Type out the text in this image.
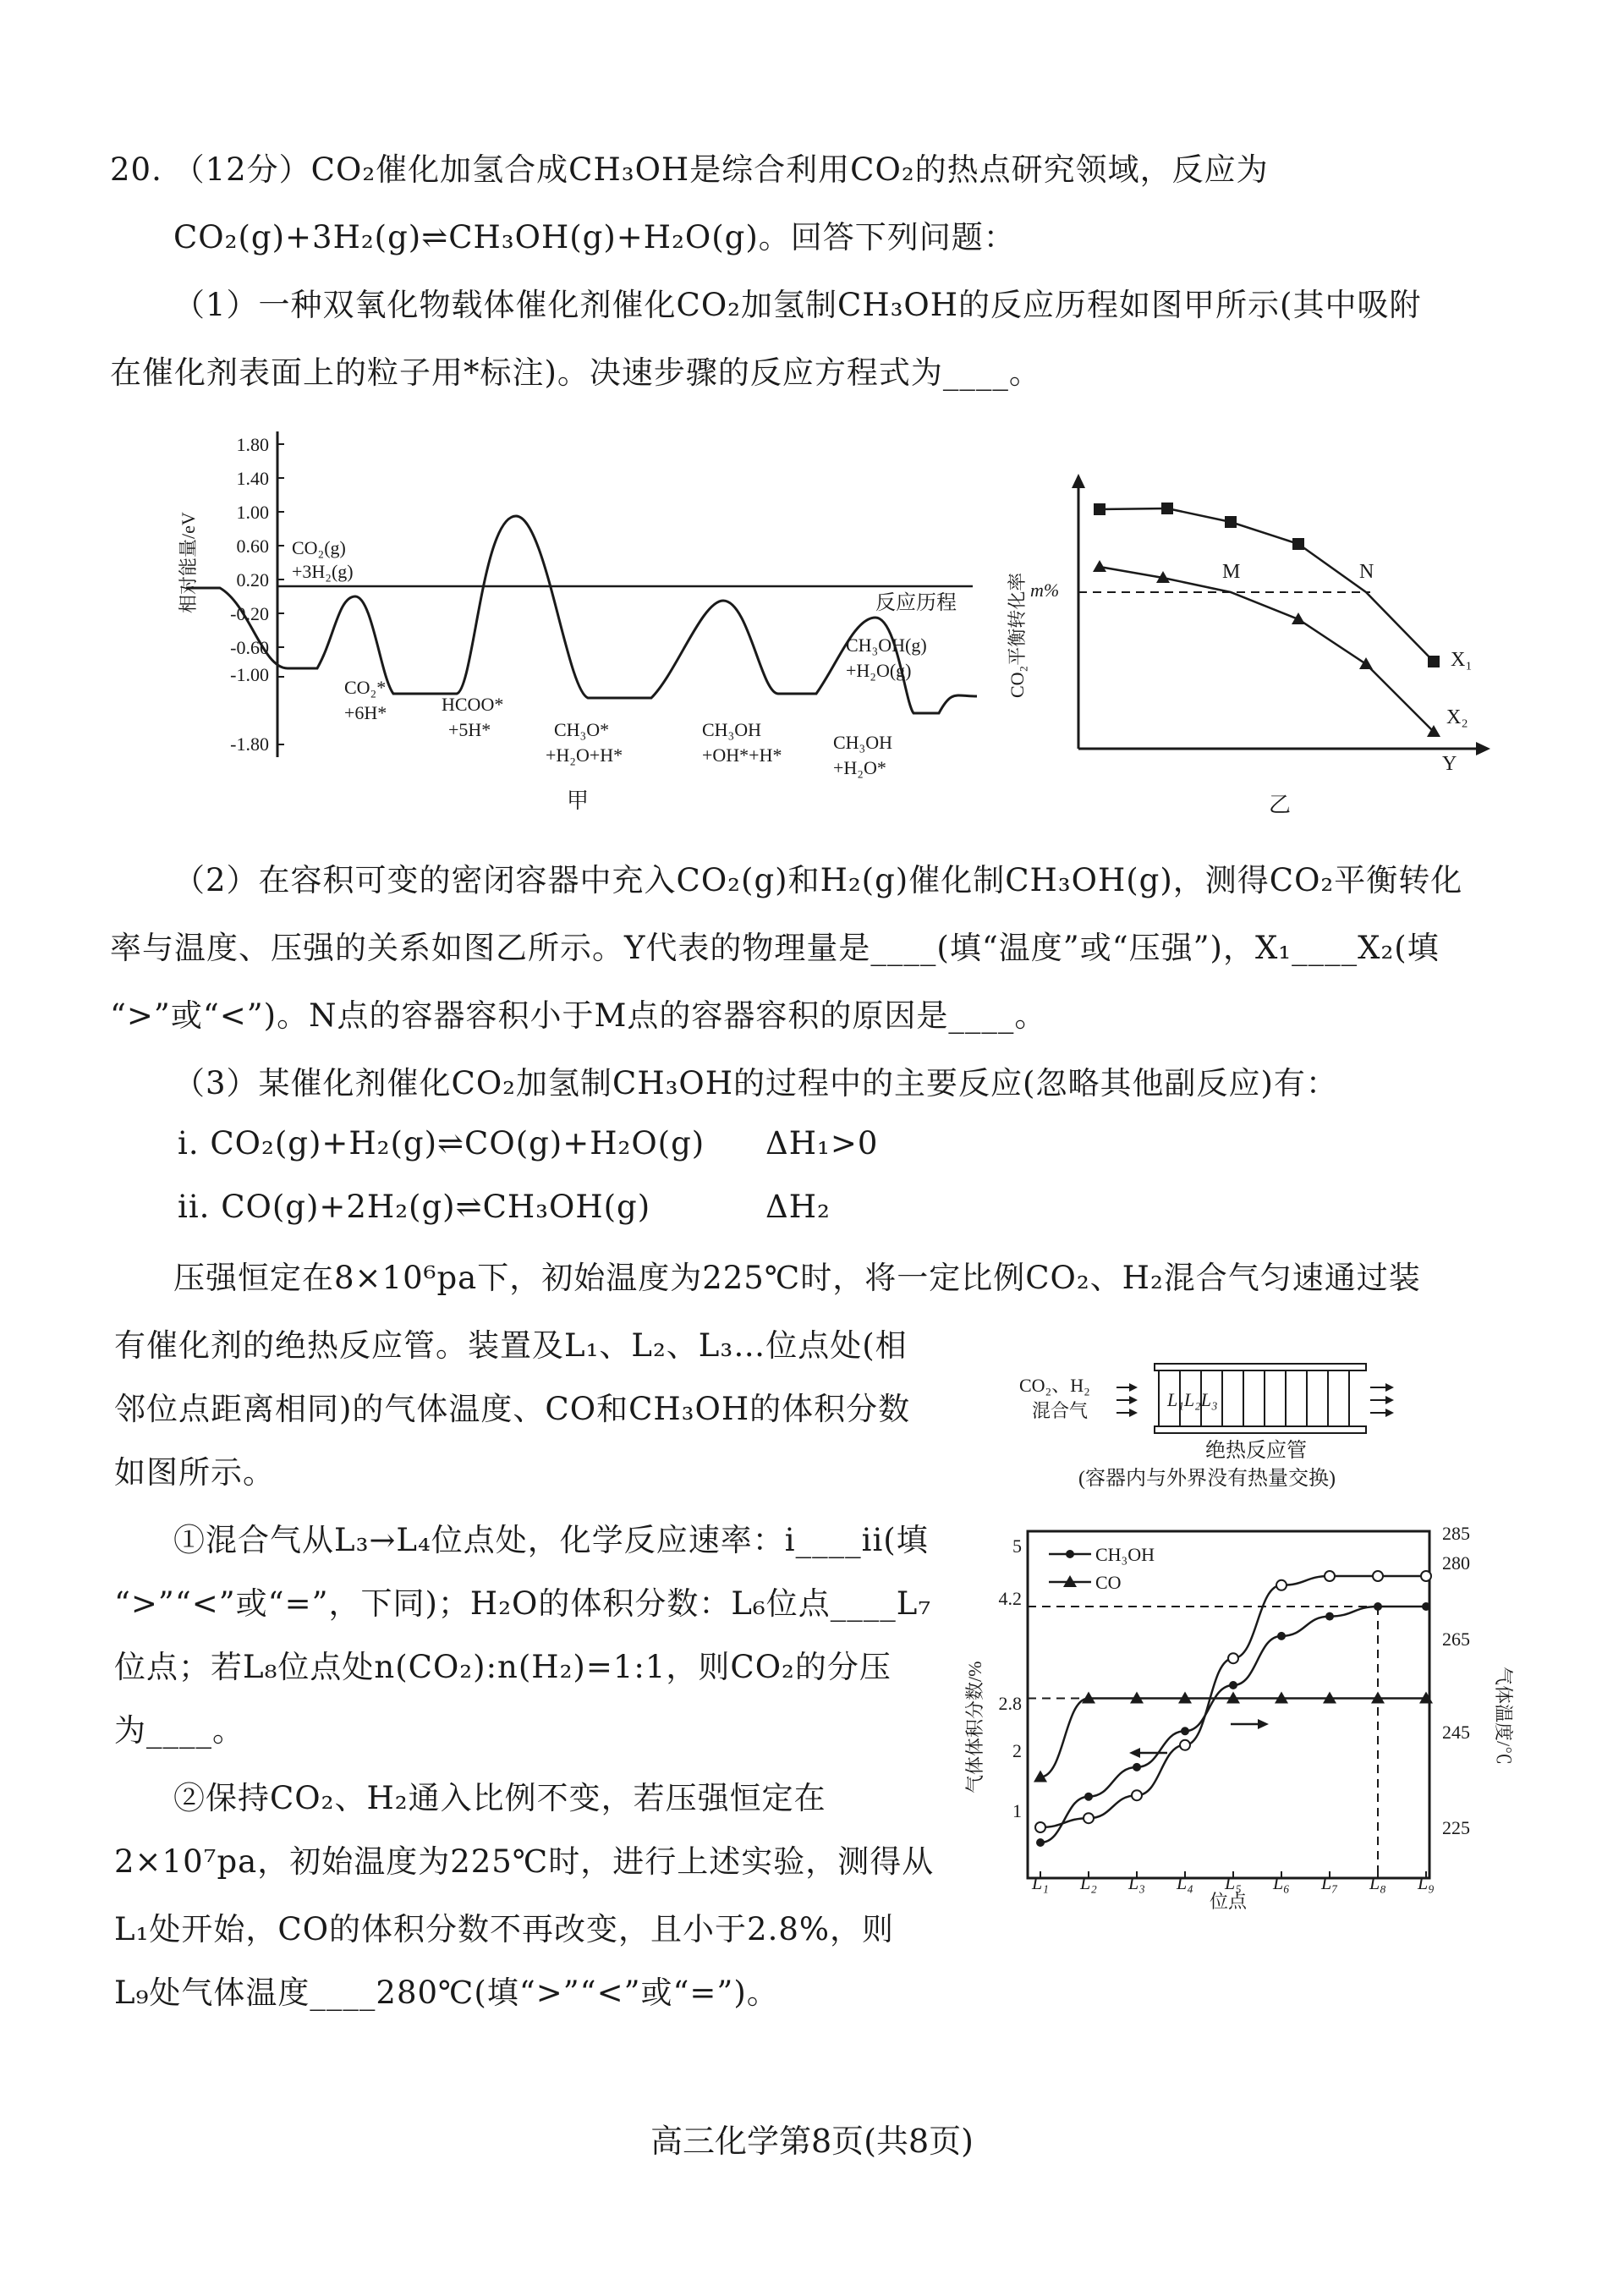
20. （12分）CO₂催化加氢合成CH₃OH是综合利用CO₂的热点研究领域，反应为
CO₂(g)+3H₂(g)⇌CH₃OH(g)+H₂O(g)。回答下列问题：
（1）一种双氧化物载体催化剂催化CO₂加氢制CH₃OH的反应历程如图甲所示(其中吸附
在催化剂表面上的粒子用*标注)。决速步骤的反应方程式为____。
1.80
1.40
1.00
0.60
0.20
-0.20
-0.60
-1.00
-1.80
相对能量/eV	反应历程
CO₂(g)
+3H₂(g)
CO₂*
+6H*	HCOO*
+5H*	CH₃O*
+H₂O+H*
CH₃OH
+OH*+H*
CH₃OH
+H₂O*
CH₃OH(g)
+H₂O(g)
甲
CO₂平衡转化率 m%
M	N
X₁
X₂
Y
乙
（2）在容积可变的密闭容器中充入CO₂(g)和H₂(g)催化制CH₃OH(g)，测得CO₂平衡转化
率与温度、压强的关系如图乙所示。Y代表的物理量是____(填“温度”或“压强”)，X₁____X₂(填
“>”或“<”)。N点的容器容积小于M点的容器容积的原因是____。
（3）某催化剂催化CO₂加氢制CH₃OH的过程中的主要反应(忽略其他副反应)有：
i. CO₂(g)+H₂(g)⇌CO(g)+H₂O(g) ΔH₁>0
ii. CO(g)+2H₂(g)⇌CH₃OH(g)	ΔH₂
压强恒定在8×10⁶pa下，初始温度为225℃时，将一定比例CO₂、H₂混合气匀速通过装
有催化剂的绝热反应管。装置及L₁、L₂、L₃…位点处(相
邻位点距离相同)的气体温度、CO和CH₃OH的体积分数
如图所示。
①混合气从L₃→L₄位点处，化学反应速率：i____ii(填
“>”“<”或“=”，下同)；H₂O的体积分数：L₆位点____L₇
位点；若L₈位点处n(CO₂):n(H₂)=1:1，则CO₂的分压
为____。
②保持CO₂、H₂通入比例不变，若压强恒定在
2×10⁷pa，初始温度为225℃时，进行上述实验，测得从
L₁处开始，CO的体积分数不再改变，且小于2.8%，则
L₉处气体温度____280℃(填“>”“<”或“=”)。
CO₂、H₂
混合气
L₁L₂L₃
绝热反应管
(容器内与外界没有热量交换)
气体体积分数/%	气体温度/℃
位点
1
2
2.8
4.2
5
225
245
265
280
285
L₁ L₂ L₃ L₄ L₅ L₆ L₇ L₈ L₉
CH₃OH
CO
高三化学第8页(共8页)
